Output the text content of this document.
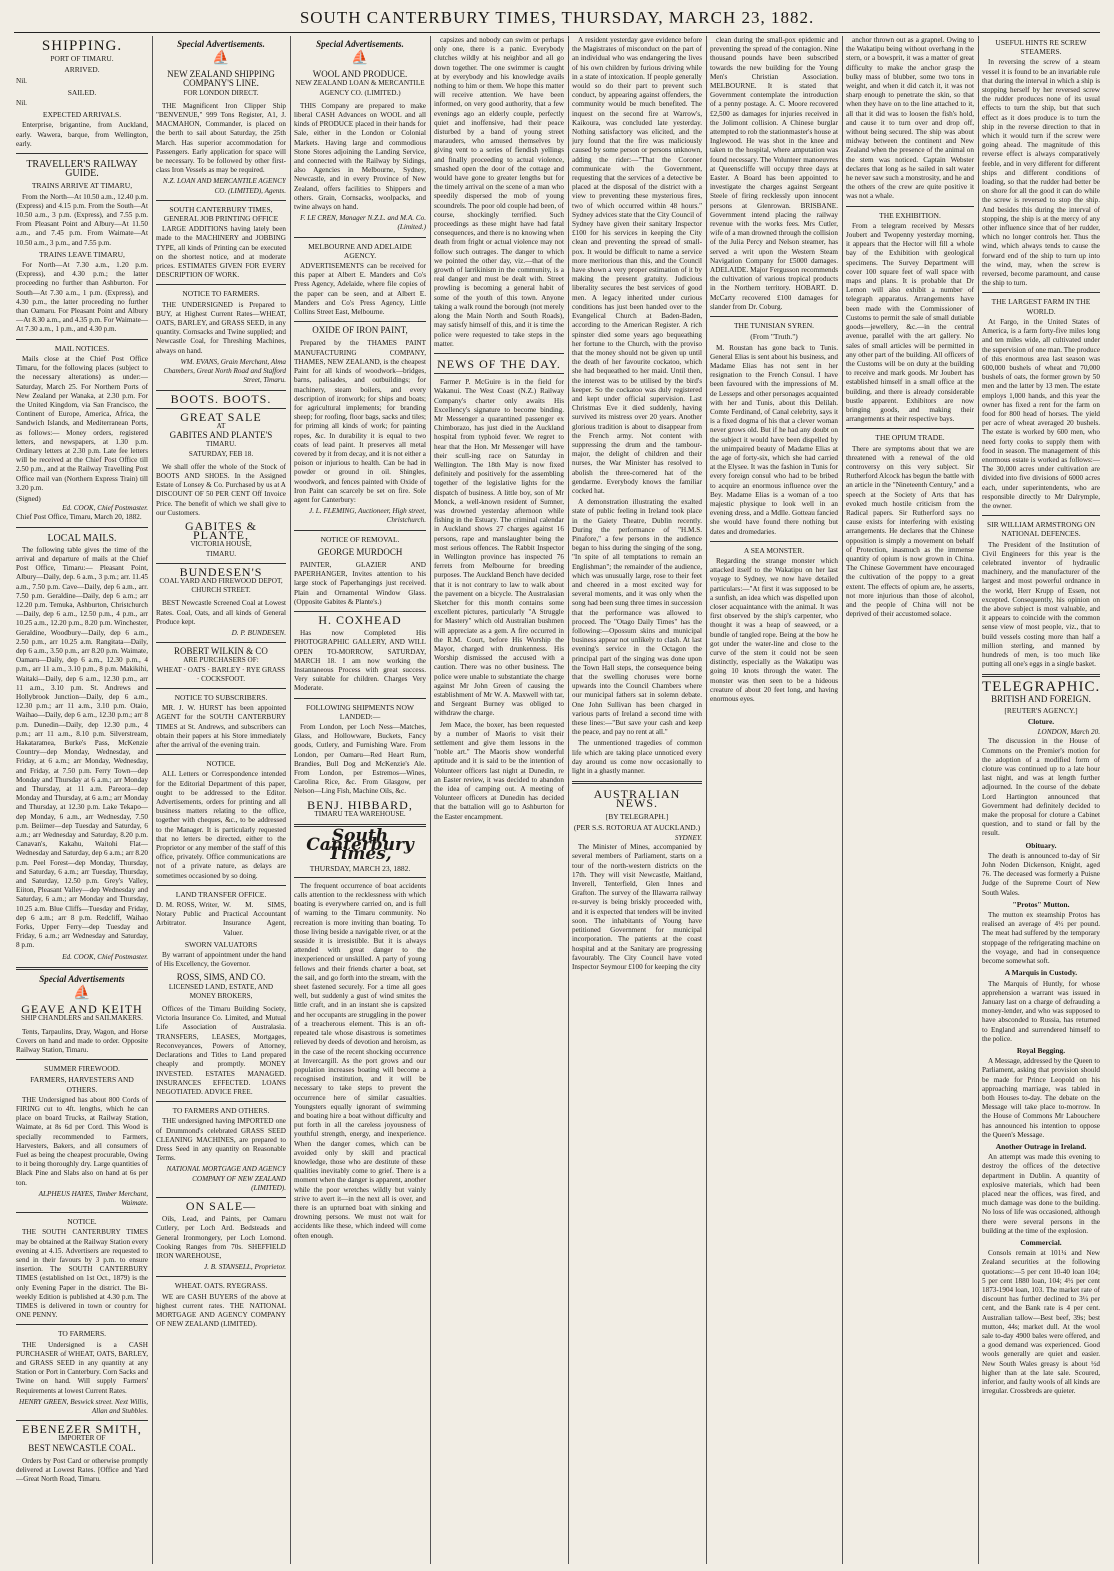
SOUTH CANTERBURY TIMES, THURSDAY, MARCH 23, 1882.
SHIPPING.
PORT OF TIMARU.
ARRIVED.
Nil.
SAILED.
Nil.
EXPECTED ARRIVALS.

Enterprise, brigantine, from Auckland, early. Wawera, barque, from Wellington, early.

TRAVELLER'S RAILWAY GUIDE.
TRAINS ARRIVE AT TIMARU,

From the North—At 10.50 a.m., 12.40 p.m. (Express) and 4.15 p.m. From the South—At 10.50 a.m., 3 p.m. (Express), and 7.55 p.m. From Pleasant Point and Albury—At 11.50 a.m., and 7.45 p.m. From Waimate—At 10.50 a.m., 3 p.m., and 7.55 p.m.

TRAINS LEAVE TIMARU,

For North—At 7.30 a.m., 1.20 p.m. (Express), and 4.30 p.m.; the latter proceeding no further than Ashburton. For South—At 7.30 a.m., 1 p.m. (Express), and 4.30 p.m., the latter proceeding no further than Oamaru. For Pleasant Point and Albury—At 8.30 a.m., and 4.35 p.m. For Waimate—At 7.30 a.m., 1 p.m., and 4.30 p.m.

MAIL NOTICES.

Mails close at the Chief Post Office Timaru, for the following places (subject to the necessary alterations) as under:— Saturday, March 25. For Northern Ports of New Zealand per Wanaka, at 2.30 p.m. For the United Kingdom, via San Francisco, the Continent of Europe, America, Africa, the Sandwich Islands, and Mediterranean Ports, as follows:— Money orders, registered letters, and newspapers, at 1.30 p.m. Ordinary letters at 2.30 p.m. Late fee letters will be received at the Chief Post Office till 2.50 p.m., and at the Railway Travelling Post Office mail van (Northern Express Train) till 3.20 p.m.

(Signed)
Ed. COOK, Chief Postmaster.
Chief Post Office, Timaru, March 20, 1882.
LOCAL MAILS.

The following table gives the time of the arrival and departure of mails at the Chief Post Office, Timaru:— Pleasant Point, Albury—Daily, dep. 6 a.m., 3 p.m.; arr. 11.45 a.m., 7.50 p.m. Cave—Daily, dep 6 a.m., arr. 7.50 p.m. Geraldine—Daily, dep 6 a.m.; arr 12.20 p.m. Temuka, Ashburton, Christchurch—Daily, dep 6 a.m., 12.50 p.m., 4 p.m., arr 10.25 a.m., 12.20 p.m., 8.20 p.m. Winchester, Geraldine, Woodbury—Daily, dep 6 a.m., 2.50 p.m., arr 10.25 a.m. Rangitata—Daily, dep 6 a.m., 3.50 p.m., arr 8.20 p.m. Waimate, Oamaru—Daily, dep 6 a.m., 12.30 p.m., 4 p.m., arr 11 a.m., 3.10 p.m., 8 p.m. Makikihi, Waitaki—Daily, dep 6 a.m., 12.30 p.m., arr 11 a.m., 3.10 p.m. St. Andrews and Hollybrook Junction—Daily, dep 6 a.m., 12.30 p.m.; arr 11 a.m., 3.10 p.m. Otaio, Waihao—Daily, dep 6 a.m., 12.30 p.m.; arr 8 p.m. Dunedin—Daily, dep 12.30 p.m., 4 p.m.; arr 11 a.m., 8.10 p.m. Silverstream, Hakataramea, Burke's Pass, McKenzie Country—dep Monday, Wednesday, and Friday, at 6 a.m.; arr Monday, Wednesday, and Friday, at 7.50 p.m. Ferry Town—dep Monday and Thursday at 6 a.m.; arr Monday and Thursday, at 11 a.m. Pareora—dep Monday and Thursday, at 6 a.m.; arr Monday and Thursday, at 12.30 p.m. Lake Tekapo—dep Monday, 6 a.m., arr Wednesday, 7.50 p.m. Beiimer—dep Tuesday and Saturday, 6 a.m.; arr Wednesday and Saturday, 8.20 p.m. Canavan's, Kakahu, Waitohi Flat—Wednesday and Saturday, dep 6 a.m.; arr 8.20 p.m. Peel Forest—dep Monday, Thursday, and Saturday, 6 a.m.; arr Tuesday, Thursday, and Saturday, 12.50 p.m. Grey's Valley, Eiiton, Pleasant Valley—dep Wednesday and Saturday, 6 a.m.; arr Monday and Thursday, 10.25 a.m. Blue Cliffs—Tuesday and Friday, dep 6 a.m.; arr 8 p.m. Redcliff, Waihao Forks, Upper Ferry—dep Tuesday and Friday, 6 a.m.; arr Wednesday and Saturday, 8 p.m.

Ed. COOK, Chief Postmaster.
Special Advertisements
⛵
GEAVE AND KEITH
SHIP CHANDLERS and SAILMAKERS.

Tents, Tarpaulins, Dray, Wagon, and Horse Covers on hand and made to order. Opposite Railway Station, Timaru.

SUMMER FIREWOOD.
FARMERS, HARVESTERS AND OTHERS.

THE Undersigned has about 800 Cords of FIRING cut to 4ft. lengths, which he can place on board Trucks, at Railway Station, Waimate, at 8s 6d per Cord. This Wood is specially recommended to Farmers, Harvesters, Bakers, and all consumers of Fuel as being the cheapest procurable, Owing to it being thoroughly dry. Large quantities of Black Pine and Slabs also on hand at 6s per ton.

ALPHEUS HAYES, Timber Merchant, Waimate.
NOTICE.

THE SOUTH CANTERBURY TIMES may be obtained at the Railway Station every evening at 4.15. Advertisers are requested to send in their favours by 3 p.m. to ensure insertion. The SOUTH CANTERBURY TIMES (established on 1st Oct., 1879) is the only Evening Paper in the district. The Bi-weekly Edition is published at 4.30 p.m. The TIMES is delivered in town or country for ONE PENNY.

TO FARMERS.

THE Undersigned is a CASH PURCHASER of WHEAT, OATS, BARLEY, and GRASS SEED in any quantity at any Station or Port in Canterbury. Corn Sacks and Twine on hand. Will supply Farmers' Requirements at lowest Current Rates.

HENRY GREEN, Beswick street. Next Willis, Allan and Stubbles.
EBENEZER SMITH,
IMPORTER OF
BEST NEWCASTLE COAL.

Orders by Post Card or otherwise promptly delivered at Lowest Rates. [Office and Yard—Great North Road, Timaru.

Special Advertisements.
⛵
NEW ZEALAND SHIPPING COMPANY'S LINE.
FOR LONDON DIRECT.

THE Magnificent Iron Clipper Ship "BENVENUE," 999 Tons Register, A1, J. MACMAHON, Commander, is placed on the berth to sail about Saturday, the 25th March. Has superior accommodation for Passengers. Early application for space will be necessary. To be followed by other first-class Iron Vessels as may be required.

N.Z. LOAN AND MERCANTILE AGENCY CO. (LIMITED), Agents.
SOUTH CANTERBURY TIMES, GENERAL JOB PRINTING OFFICE

LARGE ADDITIONS having lately been made to the MACHINERY and JOBBING TYPE, all kinds of Printing can be executed on the shortest notice, and at moderate prices. ESTIMATES GIVEN FOR EVERY DESCRIPTION OF WORK.

NOTICE TO FARMERS.

THE UNDERSIGNED is Prepared to BUY, at Highest Current Rates—WHEAT, OATS, BARLEY, and GRASS SEED, in any quantity. Cornsacks and Twine supplied; and Newcastle Coal, for Threshing Machines, always on hand.

WM. EVANS, Grain Merchant, Alma Chambers, Great North Road and Stafford Street, Timaru.
BOOTS. BOOTS.
GREAT SALE
AT
GABITES AND PLANTE'S
TIMARU.
SATURDAY, FEB 18.

We shall offer the whole of the Stock of BOOTS AND SHOES. In the Assigned Estate of Lonsey & Co. Purchased by us at A DISCOUNT OF 50 PER CENT Off Invoice Price. The benefit of which we shall give to our Customers.

GABITES & PLANTE,
VICTORIA HOUSE,
TIMARU.
BUNDESEN'S
COAL YARD AND FIREWOOD DEPOT, CHURCH STREET.

BEST Newcastle Screened Coal at Lowest Rates. Coal, Oats, and all kinds of General Produce kept.

D. P. BUNDESEN.
ROBERT WILKIN & CO
ARE PURCHASERS OF:
WHEAT · OATS · BARLEY · RYE GRASS · COCKSFOOT.
NOTICE TO SUBSCRIBERS.

MR. J. W. HURST has been appointed AGENT for the SOUTH CANTERBURY TIMES at St. Andrews, and subscribers can obtain their papers at his Store immediately after the arrival of the evening train.

NOTICE.

ALL Letters or Correspondence intended for the Editorial Department of this paper, ought to be addressed to the Editor. Advertisements, orders for printing and all business matters relating to the office, together with cheques, &c., to be addressed to the Manager. It is particularly requested that no letters be directed, either to the Proprietor or any member of the staff of this office, privately. Office communications are not of a private nature, as delays are sometimes occasioned by so doing.

LAND TRANSFER OFFICE.
D. M. ROSS, Writer, Notary Public and Arbitrator.
W. M. SIMS, Practical Accountant Insurance Agent, Valuer.
SWORN VALUATORS

By warrant of appointment under the hand of His Excellency, the Governor.

ROSS, SIMS, AND CO.
LICENSED LAND, ESTATE, AND MONEY BROKERS,

Offices of the Timaru Building Society, Victoria Insurance Co. Limited, and Mutual Life Association of Australasia. TRANSFERS, LEASES, Mortgages, Reconveyances, Powers of Attorney, Declarations and Titles to Land prepared cheaply and promptly. MONEY INVESTED. ESTATES MANAGED. INSURANCES EFFECTED. LOANS NEGOTIATED. ADVICE FREE.

TO FARMERS AND OTHERS.

THE undersigned having IMPORTED one of Drummond's celebrated GRASS SEED CLEANING MACHINES, are prepared to Dress Seed in any quantity on Reasonable Terms.

NATIONAL MORTGAGE AND AGENCY COMPANY OF NEW ZEALAND (LIMITED).
ON SALE—

Oils, Lead, and Paints, per Oamaru Cutlery, per Loch Ard. Bedsteads and General Ironmongery, per Loch Lomond. Cooking Ranges from 70s. SHEFFIELD IRON WAREHOUSE,

J. B. STANSELL, Proprietor.
WHEAT. OATS. RYEGRASS.

WE are CASH BUYERS of the above at highest current rates. THE NATIONAL MORTGAGE AND AGENCY COMPANY OF NEW ZEALAND (LIMITED).

Special Advertisements.
⛵
WOOL AND PRODUCE.
NEW ZEALAND LOAN & MERCANTILE AGENCY CO. (LIMITED.)

THIS Company are prepared to make liberal CASH Advances on WOOL and all kinds of PRODUCE placed in their hands for Sale, either in the London or Colonial Markets. Having large and commodious Stone Stores adjoining the Landing Service, and connected with the Railway by Sidings, also Agencies in Melbourne, Sydney, Newcastle, and in every Province of New Zealand, offers facilities to Shippers and others. Grain, Cornsacks, woolpacks, and twine always on hand.

F. LE CREN, Manager N.Z.L. and M.A. Co. (Limited.)
MELBOURNE AND ADELAIDE AGENCY.

ADVERTISEMENTS can be received for this paper at Albert E. Manders and Co's Press Agency, Adelaide, where file copies of the paper can be seen, and at Albert E. Manders and Co's Press Agency, Little Collins Street East, Melbourne.

OXIDE OF IRON PAINT,

Prepared by the THAMES PAINT MANUFACTURING COMPANY, THAMES, NEW ZEALAND, is the cheapest Paint for all kinds of woodwork—bridges, barns, palisades, and outbuildings; for machinery, steam boilers, and every description of ironwork; for ships and boats; for agricultural implements; for branding sheep; for roofing, floor bags, sacks and tiles; for priming all kinds of work; for painting ropes, &c. In durability it is equal to two coats of lead paint. It preserves all metal covered by it from decay, and it is not either a poison or injurious to health. Can be had in powder or ground in oil. Shingles, woodwork, and fences painted with Oxide of Iron Paint can scarcely be set on fire. Sole agent for Canterbury:

J. L. FLEMING, Auctioneer, High street, Christchurch.
NOTICE OF REMOVAL.
GEORGE MURDOCH

PAINTER, GLAZIER AND PAPERHANGER, Invites attention to his large stock of Paperhangings just received. Plain and Ornamental Window Glass. (Opposite Gabites & Plante's.)

H. COXHEAD

Has now Completed His PHOTOGRAPHIC GALLERY, AND WILL OPEN TO-MORROW, SATURDAY, MARCH 18. I am now working the Instantaneous Process with great success. Very suitable for children. Charges Very Moderate.

FOLLOWING SHIPMENTS NOW LANDED:—

From London, per Loch Ness—Matches, Glass, and Hollowware, Buckets, Fancy goods, Cutlery, and Furnishing Ware. From London, per Oamaru—Red Heart Rum, Brandies, Bull Dog and McKenzie's Ale. From London, per Estremos—Wines, Carolina Rice, &c. From Glasgow, per Nelson—Ling Fish, Machine Oils, &c.

BENJ. HIBBARD,
TIMARU TEA WAREHOUSE.
South Canterbury Times,
THURSDAY, MARCH 23, 1882.

The frequent occurrence of boat accidents calls attention to the recklessness with which boating is everywhere carried on, and is full of warning to the Timaru community. No recreation is more inviting than boating. To those living beside a navigable river, or at the seaside it is irresistible. But it is always attended with great danger to the inexperienced or unskilled. A party of young fellows and their friends charter a boat, set the sail, and go forth into the stream, with the sheet fastened securely. For a time all goes well, but suddenly a gust of wind smites the little craft, and in an instant she is capsized and her occupants are struggling in the power of a treacherous element. This is an oft-repeated tale whose disastrous is sometimes relieved by deeds of devotion and heroism, as in the case of the recent shocking occurrence at Invercargill. As the port grows and our population increases boating will become a recognised institution, and it will be necessary to take steps to prevent the occurrence here of similar casualties. Youngsters equally ignorant of swimming and boating hire a boat without difficulty and put forth in all the careless joyousness of youthful strength, energy, and inexperience. When the danger comes, which can be avoided only by skill and practical knowledge, those who are destitute of these qualities inevitably come to grief. There is a moment when the danger is apparent, another while the poor wretches wildly but vainly strive to avert it—in the next all is over, and there is an upturned boat with sinking and drowning persons. We must not wait for accidents like these, which indeed will come often enough.

capsizes and nobody can swim or perhaps only one, there is a panic. Everybody clutches wildly at his neighbor and all go down together. The one swimmer is caught at by everybody and his knowledge avails nothing to him or them. We hope this matter will receive attention. We have been informed, on very good authority, that a few evenings ago an elderly couple, perfectly quiet and inoffensive, had their peace disturbed by a band of young street marauders, who amused themselves by giving vent to a series of fiendish yellings and finally proceeding to actual violence, smashed open the door of the cottage and would have gone to greater lengths but for the timely arrival on the scene of a man who speedily dispersed the mob of young scoundrels. The poor old couple had been, of course, shockingly terrified. Such proceedings as these might have had fatal consequences, and there is no knowing when death from fright or actual violence may not follow such outrages. The danger to which we pointed the other day, viz.—that of the growth of larrikinism in the community, is a real danger and must be dealt with. Street prowling is becoming a general habit of some of the youth of this town. Anyone taking a walk round the borough (not merely along the Main North and South Roads), may satisfy himself of this, and it is time the police were requested to take steps in the matter.

NEWS OF THE DAY.

Farmer P. McGuire is in the field for Wakanui. The West Coast (N.Z.) Railway Company's charter only awaits His Excellency's signature to become binding. Mr Messenger a quarantined passenger ex Chimborazo, has just died in the Auckland hospital from typhoid fever. We regret to hear that the Hon. Mr Messenger will have their scull-ing race on Saturday in Wellington. The 18th May is now fixed definitely and positively for the assembling together of the legislative lights for the dispatch of business. A little boy, son of Mr Monck, a well-known resident of Sumner, was drowned yesterday afternoon while fishing in the Estuary. The criminal calendar in Auckland shows 27 charges against 16 persons, rape and manslaughter being the most serious offences. The Rabbit Inspector in Wellington province has inspected 76 ferrets from Melbourne for breeding purposes. The Auckland Bench have decided that it is not contrary to law to walk about the pavement on a bicycle. The Australasian Sketcher for this month contains some excellent pictures, particularly "A Struggle for Mastery" which old Australian bushmen will appreciate as a gem. A fire occurred in the R.M. Court, before His Worship the Mayor, charged with drunkenness. His Worship dismissed the accused with a caution. There was no other business. The police were unable to substantiate the charge against Mr John Green of causing the establishment of Mr W. A. Maxwell with tar, and Sergeant Burney was obliged to withdraw the charge.

Jem Mace, the boxer, has been requested by a number of Maoris to visit their settlement and give them lessons in the "noble art." The Maoris show wonderful aptitude and it is said to be the intention of Volunteer officers last night at Dunedin, re an Easter review, it was decided to abandon the idea of camping out. A meeting of Volunteer officers at Dunedin has decided that the battalion will go to Ashburton for the Easter encampment.

A resident yesterday gave evidence before the Magistrates of misconduct on the part of an individual who was endangering the lives of his own children by furious driving while in a state of intoxication. If people generally would so do their part to prevent such conduct, by appearing against offenders, the community would be much benefited. The inquest on the second fire at Warrow's, Kaikoura, was concluded late yesterday. Nothing satisfactory was elicited, and the jury found that the fire was maliciously caused by some person or persons unknown, adding the rider:—"That the Coroner communicate with the Government, requesting that the services of a detective be placed at the disposal of the district with a view to preventing these mysterious fires, two of which occurred within 48 hours." Sydney advices state that the City Council of Sydney have given their sanitary Inspector £100 for his services in keeping the City clean and preventing the spread of small-pox. It would be difficult to name a service more meritorious than this, and the Council have shown a very proper estimation of it by making the present gratuity. Judicious liberality secures the best services of good men. A legacy inherited under curious conditions has just been handed over to the Evangelical Church at Baden-Baden, according to the American Register. A rich spinster died some years ago bequeathing her fortune to the Church, with the proviso that the money should not be given up until the death of her favourite cockatoo, which she had bequeathed to her maid. Until then, the interest was to be utilised by the bird's keeper. So the cockatoo was duly registered and kept under official supervision. Last Christmas Eve it died suddenly, having survived its mistress over 20 years. Another glorious tradition is about to disappear from the French army. Not content with suppressing the drum and the tambour-major, the delight of children and their nurses, the War Minister has resolved to abolish the three-cornered hat of the gendarme. Everybody knows the familiar cocked hat.

A demonstration illustrating the exalted state of public feeling in Ireland took place in the Gaiety Theatre, Dublin recently. During the performance of "H.M.S. Pinafore," a few persons in the audience began to hiss during the singing of the song, "In spite of all temptations to remain an Englishman"; the remainder of the audience, which was unusually large, rose to their feet and cheered in a most excited way for several moments, and it was only when the song had been sung three times in succession that the performance was allowed to proceed. The "Otago Daily Times" has the following:—Opossum skins and municipal business appear not unlikely to clash. At last evening's service in the Octagon the principal part of the singing was done upon the Town Hall steps, the consequence being that the swelling choruses were borne upwards into the Council Chambers where our municipal fathers sat in solemn debate. One John Sullivan has been charged in various parts of Ireland a second time with these lines:—"But save your cash and keep the peace, and pay no rent at all."

The unmentioned tragedies of common life which are taking place unnoticed every day around us come now occasionally to light in a ghastly manner.

AUSTRALIAN NEWS.
[BY TELEGRAPH.]
(PER S.S. ROTORUA AT AUCKLAND.)
SYDNEY.

The Minister of Mines, accompanied by several members of Parliament, starts on a tour of the north-western districts on the 17th. They will visit Newcastle, Maitland, Inverell, Tenterfield, Glen Innes and Grafton. The survey of the Illawarra railway re-survey is being briskly proceeded with, and it is expected that tenders will be invited soon. The inhabitants of Young have petitioned Government for municipal incorporation. The patients at the coast hospital and at the Sanitary are progressing favourably. The City Council have voted Inspector Seymour £100 for keeping the city

clean during the small-pox epidemic and preventing the spread of the contagion. Nine thousand pounds have been subscribed towards the new building for the Young Men's Christian Association. MELBOURNE. It is stated that Government contemplate the introduction of a penny postage. A. C. Moore recovered £2,500 as damages for injuries received in the Jolimont collision. A Chinese burglar attempted to rob the stationmaster's house at Inglewood. He was shot in the knee and taken to the hospital, where amputation was found necessary. The Volunteer manoeuvres at Queenscliffe will occupy three days at Easter. A Board has been appointed to investigate the charges against Sergeant Steele of firing recklessly upon innocent persons at Glenrowan. BRISBANE. Government intend placing the railway revenue with the works fees. Mrs Cutler, wife of a man drowned through the collision of the Julia Percy and Nelson steamer, has served a writ upon the Western Steam Navigation Company for £5000 damages. ADELAIDE. Major Fergusson recommends the cultivation of various tropical products in the Northern territory. HOBART. D. McCarty recovered £100 damages for slander from Dr. Coburg.

THE TUNISIAN SYREN.
(From "Truth.")

M. Roustan has gone back to Tunis. General Elias is sent about his business, and Madame Elias has not sent in her resignation to the French Consul. I have been favoured with the impressions of M. de Lesseps and other personages acquainted with her and Tunis, about this Delilah. Comte Ferdinand, of Canal celebrity, says it is a fixed dogma of his that a clever woman never grows old. But if he had any doubt on the subject it would have been dispelled by the unimpaired beauty of Madame Elias at the age of forty-six, which she had carried at the Elysee. It was the fashion in Tunis for every foreign consul who had to be bribed to acquire an enormous influence over the Bey. Madame Elias is a woman of a too majestic physique to look well in an evening dress, and a Mdlle. Gotteau fancied she would have found there nothing but dates and dromedaries.

A SEA MONSTER.

Regarding the strange monster which attacked itself to the Wakatipu on her last voyage to Sydney, we now have detailed particulars:—"At first it was supposed to be a sunfish, an idea which was dispelled upon closer acquaintance with the animal. It was first observed by the ship's carpenter, who thought it was a heap of seaweed, or a bundle of tangled rope. Being at the bow he got under the water-line and close to the curve of the stem it could not be seen distinctly, especially as the Wakatipu was going 10 knots through the water. The monster was then seen to be a hideous creature of about 20 feet long, and having enormous eyes.

anchor thrown out as a grapnel. Owing to the Wakatipu being without overhang in the stern, or a bowsprit, it was a matter of great difficulty to make the anchor grasp the bulky mass of blubber, some two tons in weight, and when it did catch it, it was not sharp enough to penetrate the skin, so that when they have on to the line attached to it, all that it did was to loosen the fish's hold, and cause it to turn over and drop off, without being secured. The ship was about midway between the continent and New Zealand when the presence of the animal on the stem was noticed. Captain Webster declares that long as he sailed in salt water he never saw such a monstrosity, and he and the others of the crew are quite positive it was not a whale.

THE EXHIBITION.

From a telegram received by Messrs Joubert and Twopenny yesterday morning, it appears that the Hector will fill a whole bay of the Exhibition with geological specimens. The Survey Department will cover 100 square feet of wall space with maps and plans. It is probable that Dr Lemon will also exhibit a number of telegraph apparatus. Arrangements have been made with the Commissioner of Customs to permit the sale of small dutiable goods—jewellery, &c.—in the central avenue, parallel with the art gallery. No sales of small articles will be permitted in any other part of the building. All officers of the Customs will be on duty at the building to receive and mark goods. Mr Joubert has established himself in a small office at the building, and there is already considerable bustle apparent. Exhibitors are now bringing goods, and making their arrangements at their respective bays.

THE OPIUM TRADE.

There are symptoms about that we are threatened with a renewal of the old controversy on this very subject. Sir Rutherford Alcock has begun the battle with an article in the "Nineteenth Century," and a speech at the Society of Arts that has evoked much hostile criticism from the Radical papers. Sir Rutherford says no cause exists for interfering with existing arrangements. He declares that the Chinese opposition is simply a movement on behalf of Protection, inasmuch as the immense quantity of opium is now grown in China. The Chinese Government have encouraged the cultivation of the poppy to a great extent. The effects of opium are, he asserts, not more injurious than those of alcohol, and the people of China will not be deprived of their accustomed solace.

USEFUL HINTS RE SCREW STEAMERS.

In reversing the screw of a steam vessel it is found to be an invariable rule that during the interval in which a ship is stopping herself by her reversed screw the rudder produces none of its usual effects to turn the ship, but that such effect as it does produce is to turn the ship in the reverse direction to that in which it would turn if the screw were going ahead. The magnitude of this reverse effect is always comparatively feeble, and in very different for different ships and different conditions of loading, so that the rudder had better be on shore for all the good it can do while the screw is reversed to stop the ship. And besides this during the interval of stopping, the ship is at the mercy of any other influence since that of her rudder, which no longer controls her. Thus the wind, which always tends to cause the forward end of the ship to turn up into the wind, may, when the screw is reversed, become paramount, and cause the ship to turn.

THE LARGEST FARM IN THE WORLD.

At Fargo, in the United States of America, is a farm forty-five miles long and ten miles wide, all cultivated under the supervision of one man. The produce of this enormous area last season was 600,000 bushels of wheat and 70,000 bushels of oats, the former grown by 50 men and the latter by 13 men. The estate employs 1,000 hands, and this year the owner has fixed a rent for the farm on food for 800 head of horses. The yield per acre of wheat averaged 20 bushels. The estate is worked by 600 men, who need forty cooks to supply them with food in season. The management of this enormous estate is worked as follows:—The 30,000 acres under cultivation are divided into five divisions of 6000 acres each, under superintendents, who are responsible directly to Mr Dalrymple, the owner.

SIR WILLIAM ARMSTRONG ON NATIONAL DEFENCES.

The President of the Institution of Civil Engineers for this year is the celebrated inventor of hydraulic machinery, and the manufacturer of the largest and most powerful ordnance in the world, Herr Krupp of Essen, not excepted. Consequently, his opinion on the above subject is most valuable, and it appears to coincide with the common sense view of most people, viz., that to build vessels costing more than half a million sterling, and manned by hundreds of men, is too much like putting all one's eggs in a single basket.

TELEGRAPHIC.
BRITISH AND FOREIGN.
[REUTER'S AGENCY.]
Cloture.
LONDON, March 20.

The discussion in the House of Commons on the Premier's motion for the adoption of a modified form of cloture was continued up to a late hour last night, and was at length further adjourned. In the course of the debate Lord Hartington announced that Government had definitely decided to make the proposal for cloture a Cabinet question, and to stand or fall by the result.

Obituary.

The death is announced to-day of Sir John Noden Dickenson, Knight, aged 76. The deceased was formerly a Puisne Judge of the Supreme Court of New South Wales.

"Protos" Mutton.

The mutton ex steamship Protos has realised an average of 4½ per pound. The meat had suffered by the temporary stoppage of the refrigerating machine on the voyage, and had in consequence become somewhat soft.

A Marquis in Custody.

The Marquis of Huntly, for whose apprehension a warrant was issued in January last on a charge of defrauding a money-lender, and who was supposed to have absconded to Russia, has returned to England and surrendered himself to the police.

Royal Begging.

A Message, addressed by the Queen to Parliament, asking that provision should be made for Prince Leopold on his approaching marriage, was tabled in both Houses to-day. The debate on the Message will take place to-morrow. In the House of Commons Mr Labouchere has announced his intention to oppose the Queen's Message.

Another Outrage in Ireland.

An attempt was made this evening to destroy the offices of the detective department in Dublin. A quantity of explosive materials, which had been placed near the offices, was fired, and much damage was done to the building. No loss of life was occasioned, although there were several persons in the building at the time of the explosion.

Commercial.

Consols remain at 101¼ and New Zealand securities at the following quotations:—5 per cent 10-40 loan 104; 5 per cent 1880 loan, 104; 4½ per cent 1873-1904 loan, 103. The market rate of discount has further declined to 3¼ per cent, and the Bank rate is 4 per cent. Australian tallow—Best beef, 39s; best mutton, 44s; market dull. At the wool sale to-day 4900 bales were offered, and a good demand was experienced. Good wools generally are quiet and easier. New South Wales greasy is about ½d higher than at the late sale. Scoured, inferior, and faulty wools of all kinds are irregular. Crossbreds are quieter.
